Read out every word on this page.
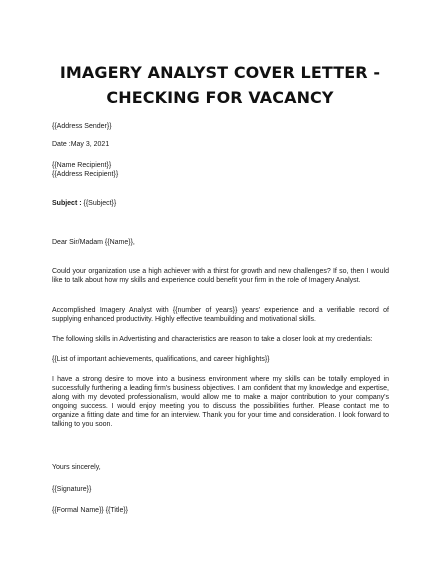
IMAGERY ANALYST COVER LETTER -
CHECKING FOR VACANCY
{{Address Sender}}
Date :May 3, 2021
{{Name Recipient}}
{{Address Recipient}}
Subject : {{Subject}}
Dear Sir/Madam {{Name}},
Could your organization use a high achiever with a thirst for growth and new challenges? If so, then I would like to talk about how my skills and experience could benefit your firm in the role of Imagery Analyst.
Accomplished Imagery Analyst with {{number of years}} years' experience and a verifiable record of supplying enhanced productivity. Highly effective teambuilding and motivational skills.
The following skills in Advertisting and characteristics are reason to take a closer look at my credentials:
{{List of important achievements, qualifications, and career highlights}}
I have a strong desire to move into a business environment where my skills can be totally employed in successfully furthering a leading firm's business objectives. I am confident that my knowledge and expertise, along with my devoted professionalism, would allow me to make a major contribution to your company's ongoing success. I would enjoy meeting you to discuss the possibilities further. Please contact me to organize a fitting date and time for an interview. Thank you for your time and consideration. I look forward to talking to you soon.
Yours sincerely,
{{Signature}}
{{Formal Name}} {{Title}}
